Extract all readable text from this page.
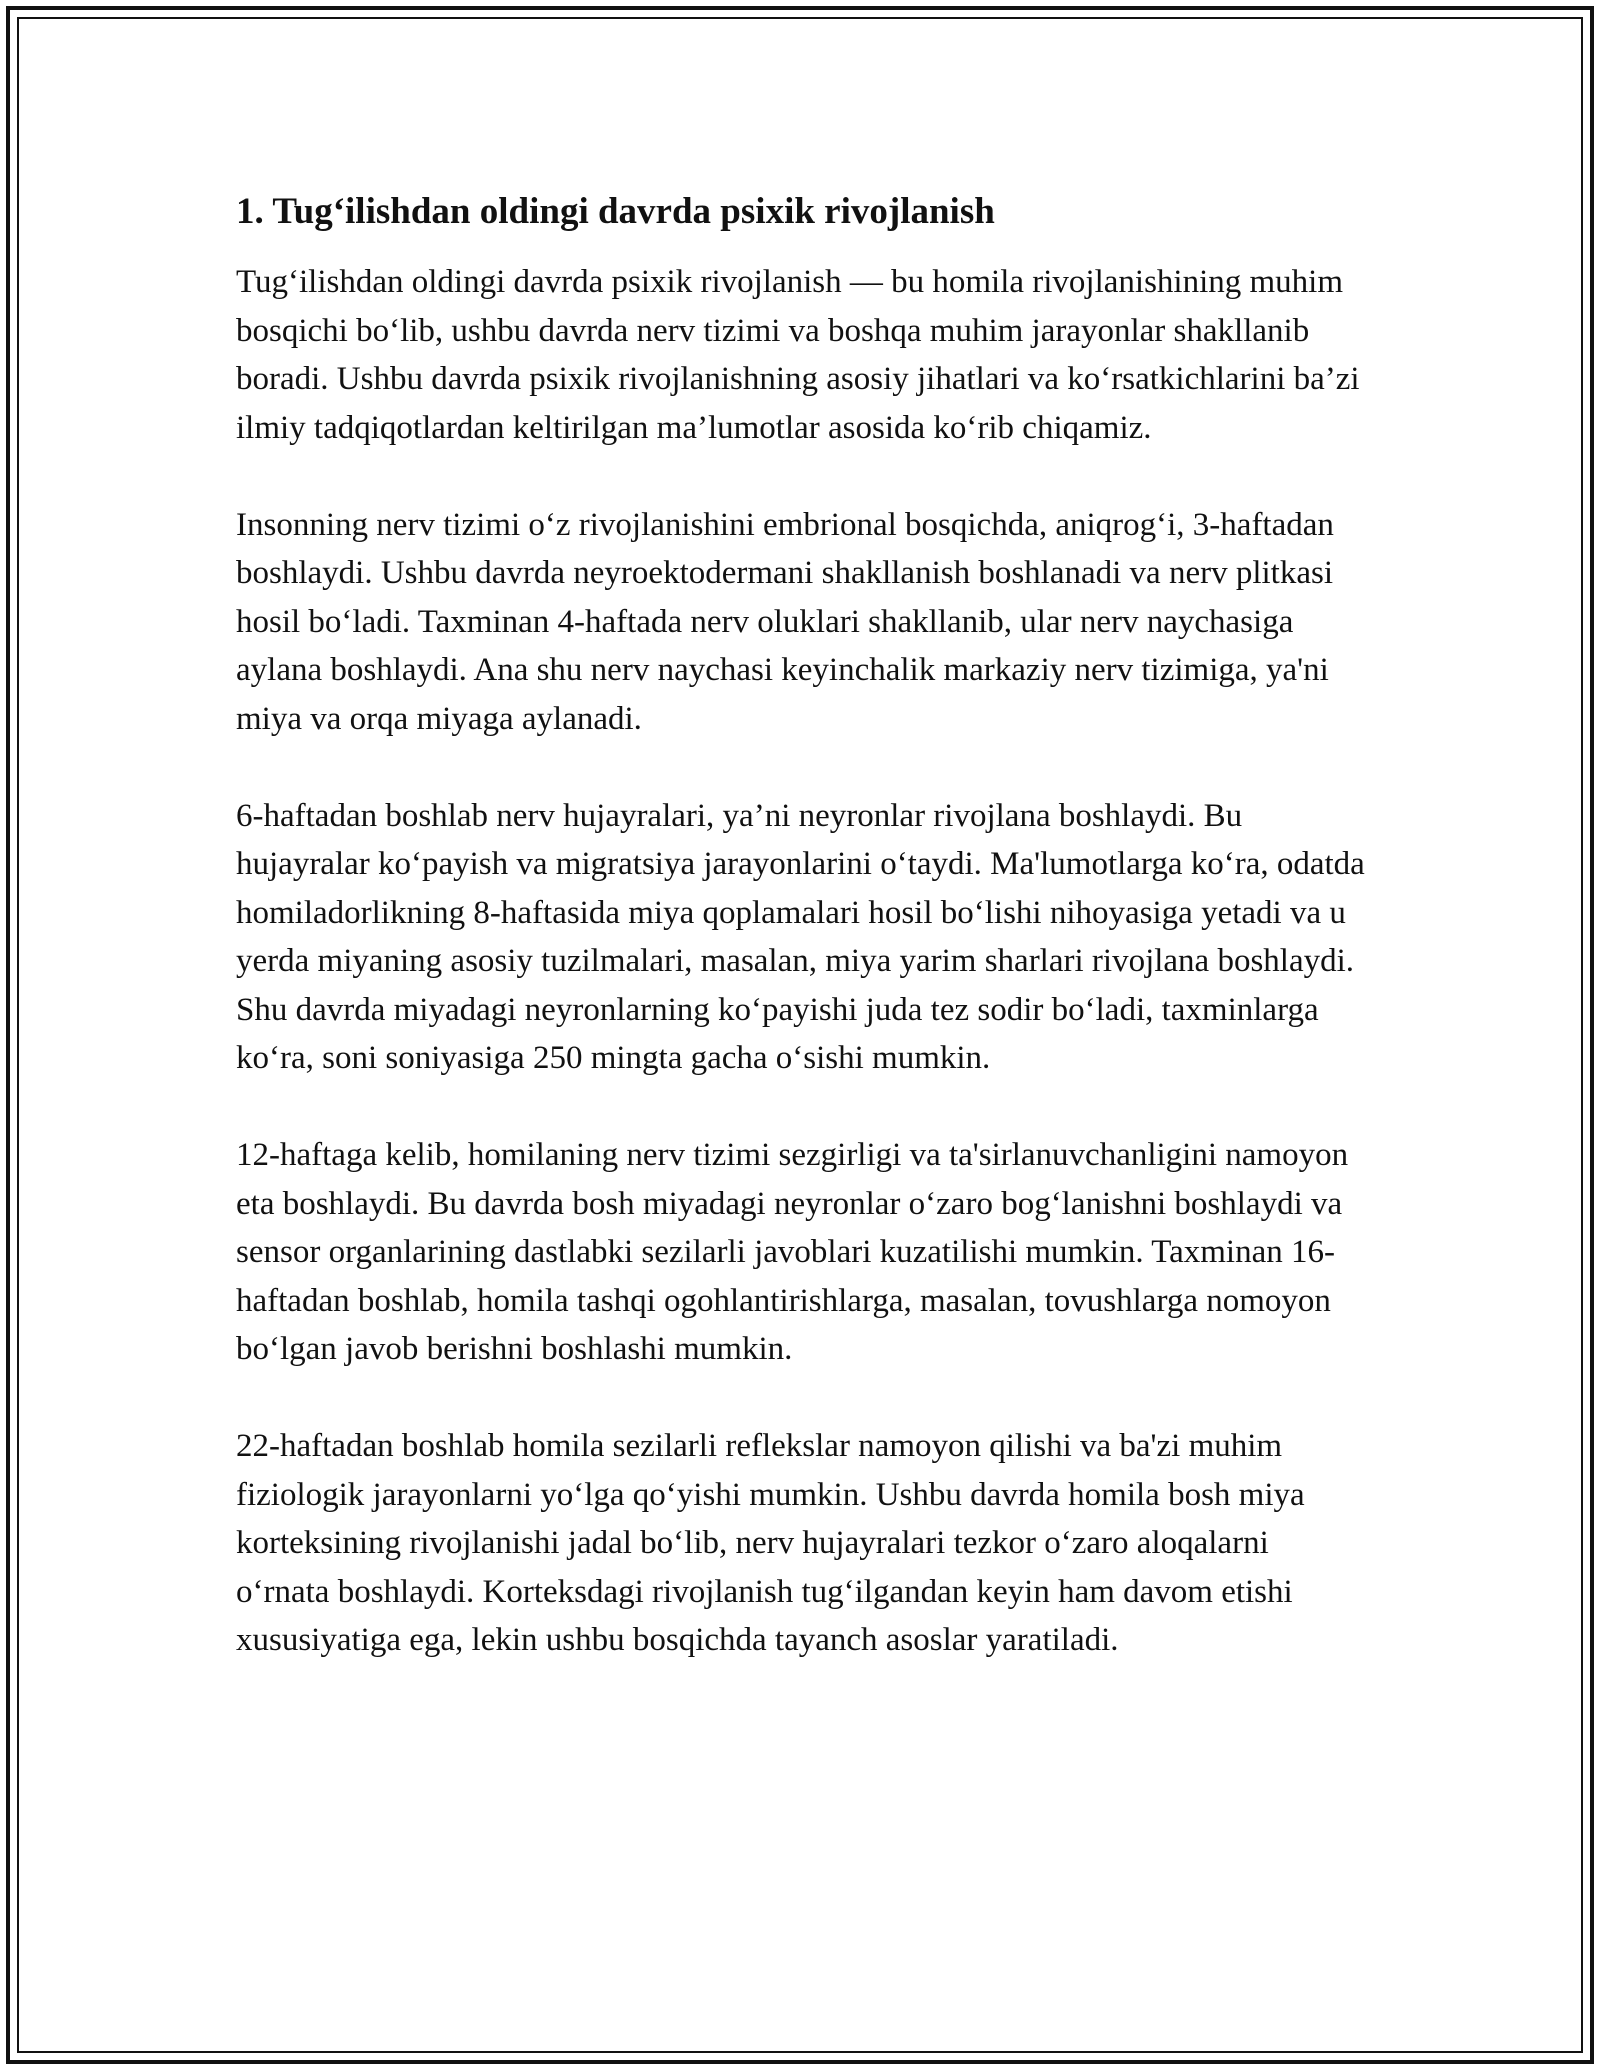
1. Tug‘ilishdan oldingi davrda psixik rivojlanish

Tug‘ilishdan oldingi davrda psixik rivojlanish — bu homila rivojlanishining muhim bosqichi bo‘lib, ushbu davrda nerv tizimi va boshqa muhim jarayonlar shakllanib boradi. Ushbu davrda psixik rivojlanishning asosiy jihatlari va ko‘rsatkichlarini ba’zi ilmiy tadqiqotlardan keltirilgan ma’lumotlar asosida ko‘rib chiqamiz.

Insonning nerv tizimi o‘z rivojlanishini embrional bosqichda, aniqrog‘i, 3-haftadan boshlaydi. Ushbu davrda neyroektodermani shakllanish boshlanadi va nerv plitkasi hosil bo‘ladi. Taxminan 4-haftada nerv oluklari shakllanib, ular nerv naychasiga aylana boshlaydi. Ana shu nerv naychasi keyinchalik markaziy nerv tizimiga, ya'ni miya va orqa miyaga aylanadi.

6-haftadan boshlab nerv hujayralari, ya’ni neyronlar rivojlana boshlaydi. Bu hujayralar ko‘payish va migratsiya jarayonlarini o‘taydi. Ma'lumotlarga ko‘ra, odatda homiladorlikning 8-haftasida miya qoplamalari hosil bo‘lishi nihoyasiga yetadi va u yerda miyaning asosiy tuzilmalari, masalan, miya yarim sharlari rivojlana boshlaydi. Shu davrda miyadagi neyronlarning ko‘payishi juda tez sodir bo‘ladi, taxminlarga ko‘ra, soni soniyasiga 250 mingta gacha o‘sishi mumkin.

12-haftaga kelib, homilaning nerv tizimi sezgirligi va ta'sirlanuvchanligini namoyon eta boshlaydi. Bu davrda bosh miyadagi neyronlar o‘zaro bog‘lanishni boshlaydi va sensor organlarining dastlabki sezilarli javoblari kuzatilishi mumkin. Taxminan 16-haftadan boshlab, homila tashqi ogohlantirishlarga, masalan, tovushlarga nomoyon bo‘lgan javob berishni boshlashi mumkin.

22-haftadan boshlab homila sezilarli reflekslar namoyon qilishi va ba'zi muhim fiziologik jarayonlarni yo‘lga qo‘yishi mumkin. Ushbu davrda homila bosh miya korteksining rivojlanishi jadal bo‘lib, nerv hujayralari tezkor o‘zaro aloqalarni o‘rnata boshlaydi. Korteksdagi rivojlanish tug‘ilgandan keyin ham davom etishi xususiyatiga ega, lekin ushbu bosqichda tayanch asoslar yaratiladi.
